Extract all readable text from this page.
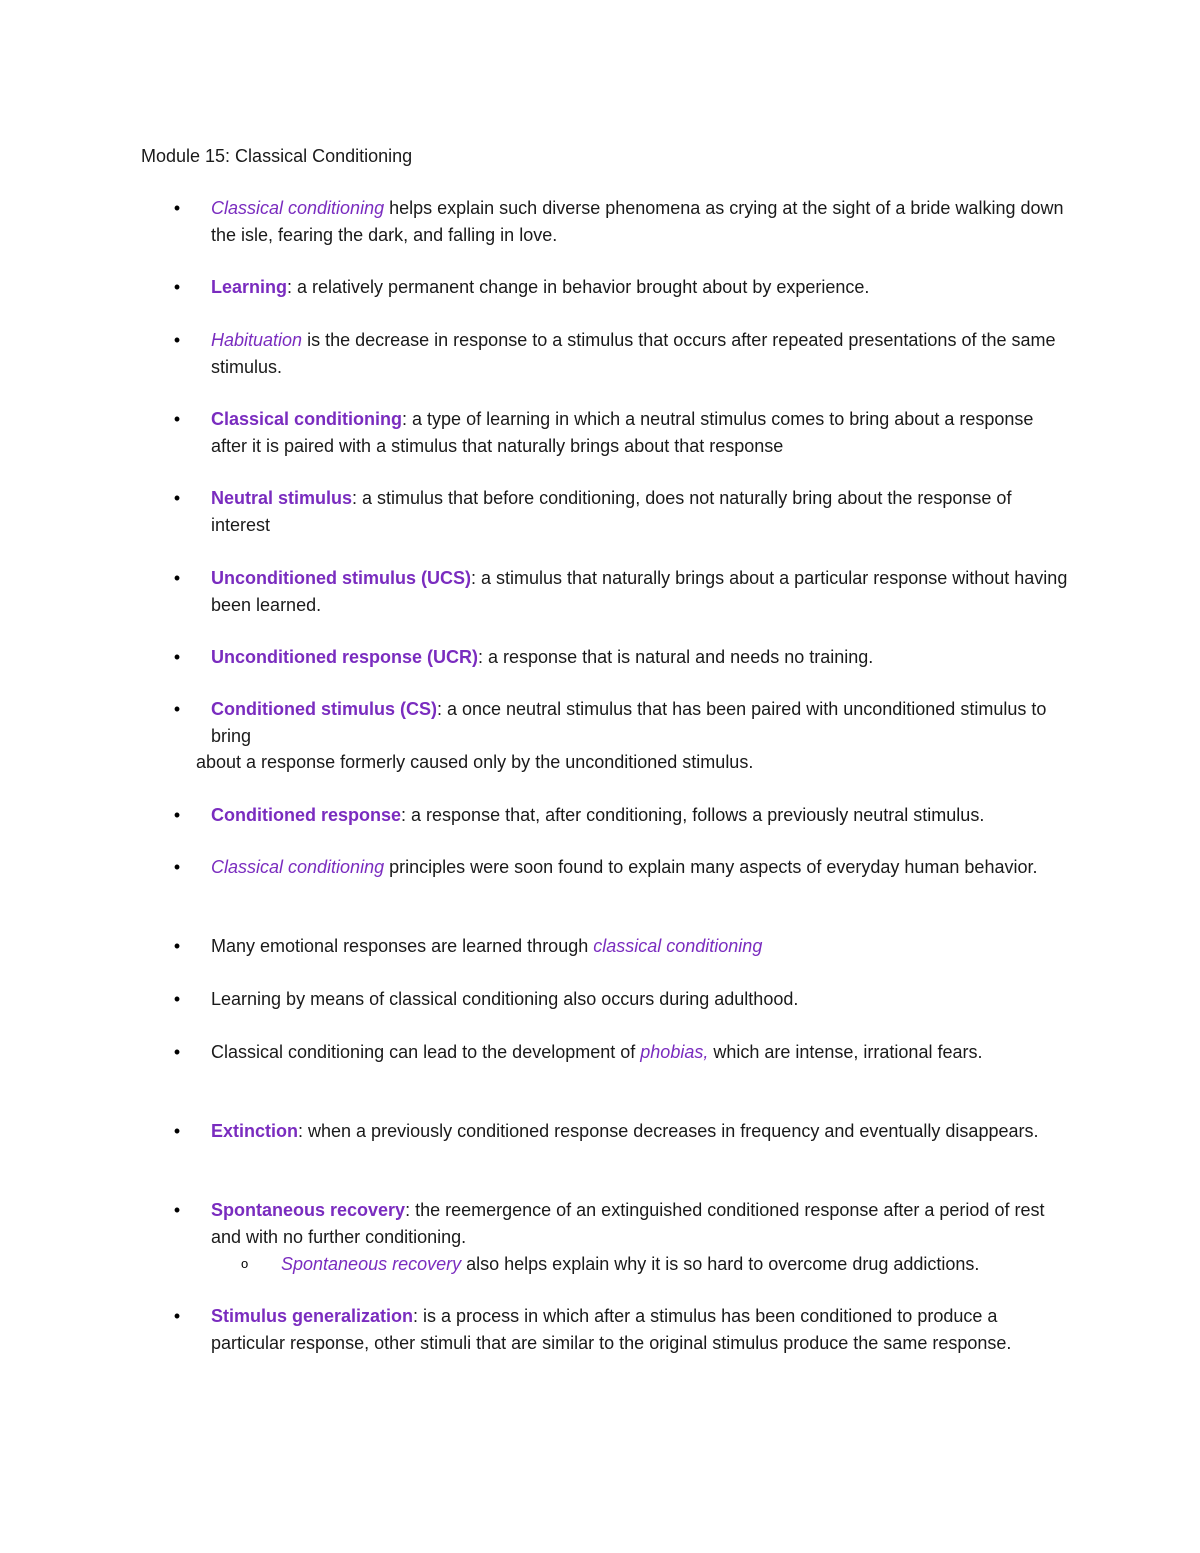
Module 15: Classical Conditioning
• Classical conditioning helps explain such diverse phenomena as crying at the sight of a bride walking down the isle, fearing the dark, and falling in love.
• Learning: a relatively permanent change in behavior brought about by experience.
• Habituation is the decrease in response to a stimulus that occurs after repeated presentations of the same stimulus.
• Classical conditioning: a type of learning in which a neutral stimulus comes to bring about a response after it is paired with a stimulus that naturally brings about that response
• Neutral stimulus: a stimulus that before conditioning, does not naturally bring about the response of interest
• Unconditioned stimulus (UCS): a stimulus that naturally brings about a particular response without having been learned.
• Unconditioned response (UCR): a response that is natural and needs no training.
• Conditioned stimulus (CS): a once neutral stimulus that has been paired with unconditioned stimulus to bring
about a response formerly caused only by the unconditioned stimulus.
• Conditioned response: a response that, after conditioning, follows a previously neutral stimulus.
• Classical conditioning principles were soon found to explain many aspects of everyday human behavior.
• Many emotional responses are learned through classical conditioning
• Learning by means of classical conditioning also occurs during adulthood.
• Classical conditioning can lead to the development of phobias, which are intense, irrational fears.
• Extinction: when a previously conditioned response decreases in frequency and eventually disappears.
• Spontaneous recovery: the reemergence of an extinguished conditioned response after a period of rest and with no further conditioning.
o Spontaneous recovery also helps explain why it is so hard to overcome drug addictions.
• Stimulus generalization: is a process in which after a stimulus has been conditioned to produce a particular response, other stimuli that are similar to the original stimulus produce the same response.
